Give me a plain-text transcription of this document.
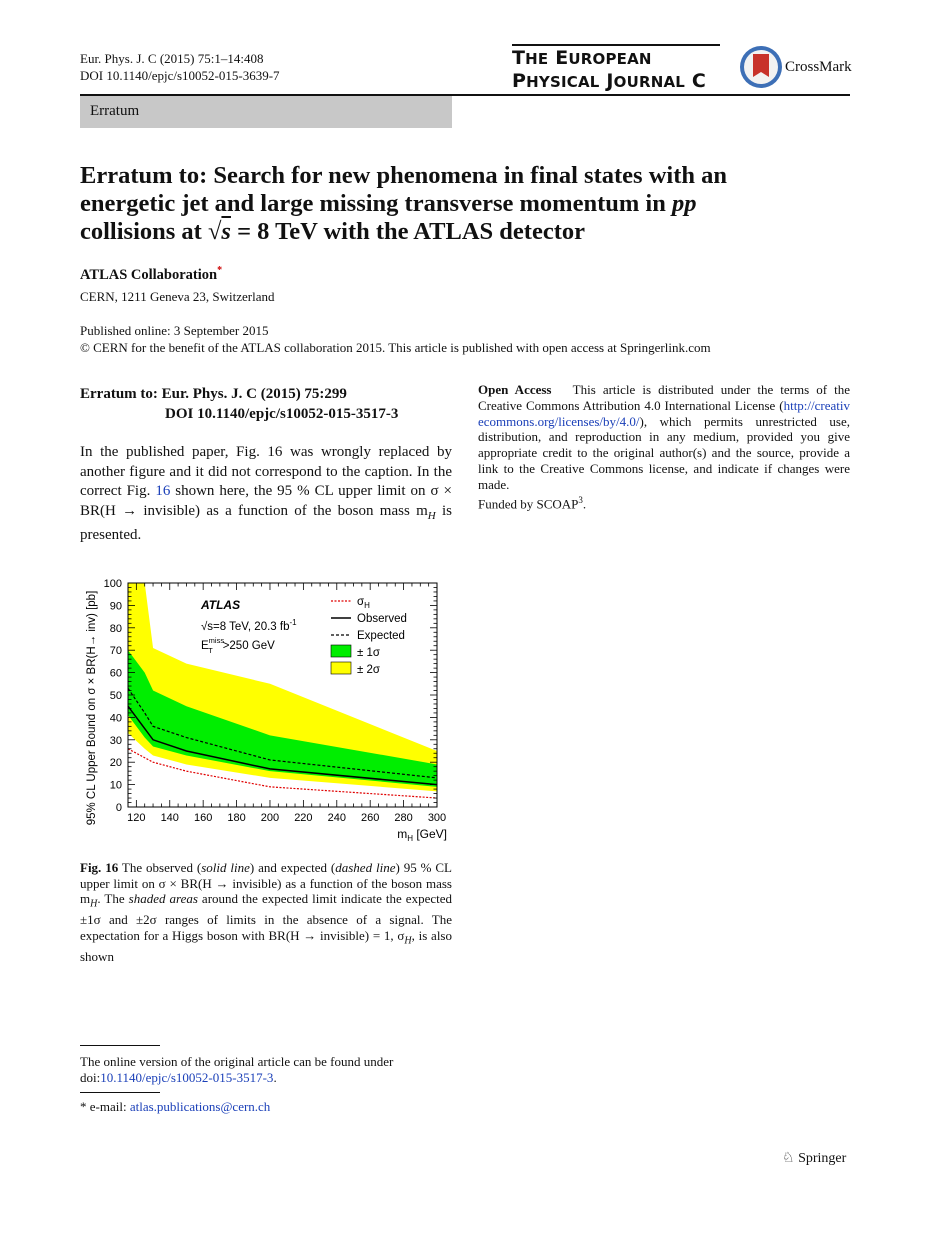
Eur. Phys. J. C (2015) 75:1–14:408
DOI 10.1140/epjc/s10052-015-3639-7
THE EUROPEAN
PHYSICAL JOURNAL C
CrossMark
Erratum
Erratum to: Search for new phenomena in final states with an
energetic jet and large missing transverse momentum in pp
collisions at √s = 8 TeV with the ATLAS detector
ATLAS Collaboration*
CERN, 1211 Geneva 23, Switzerland
Published online: 3 September 2015
© CERN for the benefit of the ATLAS collaboration 2015. This article is published with open access at Springerlink.com
Erratum to: Eur. Phys. J. C (2015) 75:299
DOI 10.1140/epjc/s10052-015-3517-3
In the published paper, Fig. 16 was wrongly replaced by another figure and it did not correspond to the caption. In the correct Fig. 16 shown here, the 95 % CL upper limit on σ × BR(H → invisible) as a function of the boson mass $m_H$ is presented.
Open Access This article is distributed under the terms of the Creative Commons Attribution 4.0 International License (http://creativecommons.org/licenses/by/4.0/), which permits unrestricted use, distribution, and reproduction in any medium, provided you give appropriate credit to the original author(s) and the source, provide a link to the Creative Commons license, and indicate if changes were made.
Funded by SCOAP$^3$.
120 140 160 180 200 220 240 260 280 300
0
10
20
30
40
50
60
70
80
90
100
95% CL Upper Bound on σ × BR(H→ inv) [pb]
$m_H$ [GeV]
ATLAS
√s=8 TeV, 20.3 $fb^{-1}$
$E^{miss}$ T >250 GeV
$\sigma_H$
Observed
Expected
± 1σ
± 2σ
Fig. 16 The observed (solid line) and expected (dashed line) 95 % CL upper limit on σ × BR(H → invisible) as a function of the boson mass $m_H$. The shaded areas around the expected limit indicate the expected ±1σ and ±2σ ranges of limits in the absence of a signal. The expectation for a Higgs boson with BR(H → invisible) = 1, $\sigma_H$, is also shown
The online version of the original article can be found under doi:10.1140/epjc/s10052-015-3517-3.
* e-mail: atlas.publications@cern.ch
♘ Springer
